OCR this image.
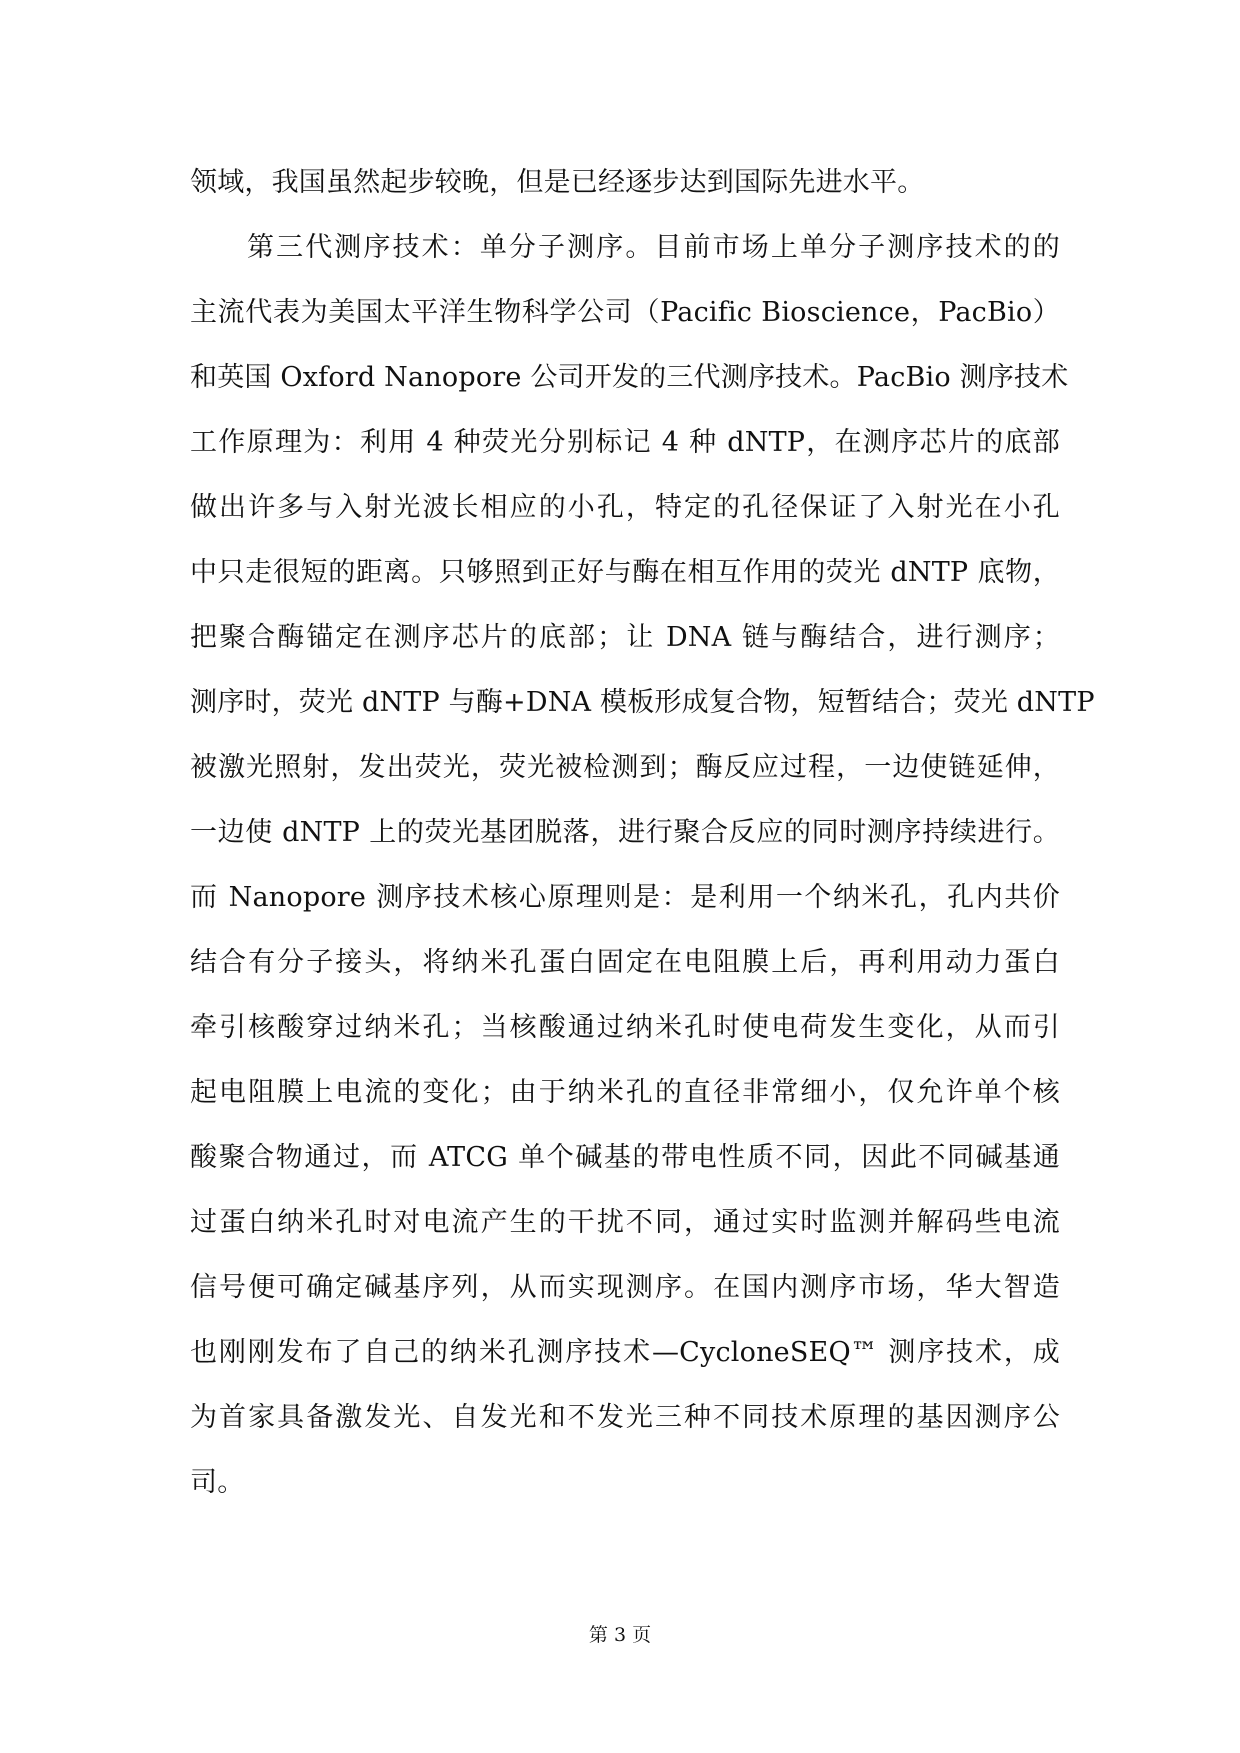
领域，我国虽然起步较晚，但是已经逐步达到国际先进水平。
第三代测序技术：单分子测序。目前市场上单分子测序技术的的
主流代表为美国太平洋生物科学公司（Pacific Bioscience，PacBio）
和英国 Oxford Nanopore 公司开发的三代测序技术。PacBio 测序技术
工作原理为：利用 4 种荧光分别标记 4 种 dNTP，在测序芯片的底部
做出许多与入射光波长相应的小孔，特定的孔径保证了入射光在小孔
中只走很短的距离。只够照到正好与酶在相互作用的荧光 dNTP 底物，
把聚合酶锚定在测序芯片的底部；让 DNA 链与酶结合，进行测序；
测序时，荧光 dNTP 与酶+DNA 模板形成复合物，短暂结合；荧光 dNTP
被激光照射，发出荧光，荧光被检测到；酶反应过程，一边使链延伸，
一边使 dNTP 上的荧光基团脱落，进行聚合反应的同时测序持续进行。
而 Nanopore 测序技术核心原理则是：是利用一个纳米孔，孔内共价
结合有分子接头，将纳米孔蛋白固定在电阻膜上后，再利用动力蛋白
牵引核酸穿过纳米孔；当核酸通过纳米孔时使电荷发生变化，从而引
起电阻膜上电流的变化；由于纳米孔的直径非常细小，仅允许单个核
酸聚合物通过，而 ATCG 单个碱基的带电性质不同，因此不同碱基通
过蛋白纳米孔时对电流产生的干扰不同，通过实时监测并解码些电流
信号便可确定碱基序列，从而实现测序。在国内测序市场，华大智造
也刚刚发布了自己的纳米孔测序技术—CycloneSEQ™ 测序技术，成
为首家具备激发光、自发光和不发光三种不同技术原理的基因测序公
司。
第 3 页
